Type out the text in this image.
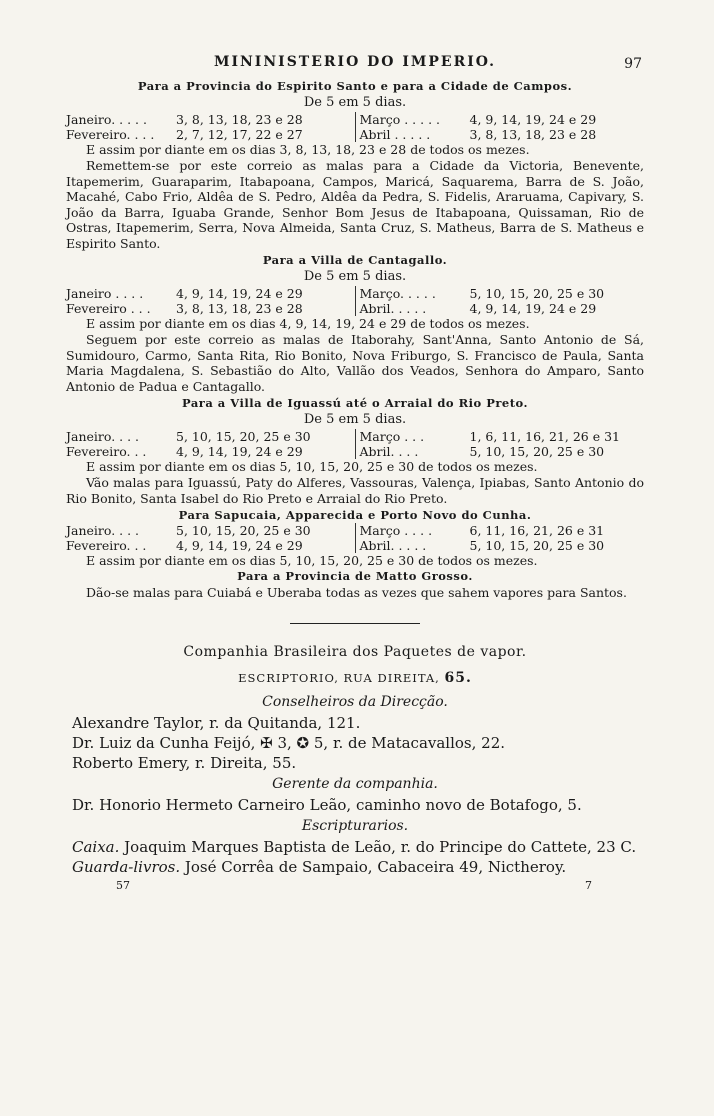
MININISTERIO DO IMPERIO.	97
Para a Provincia do Espirito Santo e para a Cidade de Campos.
De 5 em 5 dias.
Janeiro. . . . . 3, 8, 13, 18, 23 e 28	Março . . . . . 4, 9, 14, 19, 24 e 29
Fevereiro. . . . 2, 7, 12, 17, 22 e 27	Abril . . . . . 3, 8, 13, 18, 23 e 28
E assim por diante em os dias 3, 8, 13, 18, 23 e 28 de todos os mezes.
Remettem-se por este correio as malas para a Cidade da Victoria, Benevente, Itapemerim, Guaraparim, Itabapoana, Campos, Maricá, Saquarema, Barra de S. João, Macahé, Cabo Frio, Aldêa de S. Pedro, Aldêa da Pedra, S. Fidelis, Araruama, Capivary, S. João da Barra, Iguaba Grande, Senhor Bom Jesus de Itabapoana, Quissaman, Rio de Ostras, Itapemerim, Serra, Nova Almeida, Santa Cruz, S. Matheus, Barra de S. Matheus e Espirito Santo.
Para a Villa de Cantagallo.
De 5 em 5 dias.
Janeiro . . . . 4, 9, 14, 19, 24 e 29	Março. . . . . 5, 10, 15, 20, 25 e 30
Fevereiro . . . 3, 8, 13, 18, 23 e 28	Abril. . . . . 4, 9, 14, 19, 24 e 29
E assim por diante em os dias 4, 9, 14, 19, 24 e 29 de todos os mezes.
Seguem por este correio as malas de Itaborahy, Sant'Anna, Santo Antonio de Sá, Sumidouro, Carmo, Santa Rita, Rio Bonito, Nova Friburgo, S. Francisco de Paula, Santa Maria Magdalena, S. Sebastião do Alto, Vallão dos Veados, Senhora do Amparo, Santo Antonio de Padua e Cantagallo.
Para a Villa de Iguassú até o Arraial do Rio Preto.
De 5 em 5 dias.
Janeiro. . . . 5, 10, 15, 20, 25 e 30	Março . . . 1, 6, 11, 16, 21, 26 e 31
Fevereiro. . . 4, 9, 14, 19, 24 e 29	Abril. . . . 5, 10, 15, 20, 25 e 30
E assim por diante em os dias 5, 10, 15, 20, 25 e 30 de todos os mezes.
Vão malas para Iguassú, Paty do Alferes, Vassouras, Valença, Ipiabas, Santo Antonio do Rio Bonito, Santa Isabel do Rio Preto e Arraial do Rio Preto.
Para Sapucaia, Apparecida e Porto Novo do Cunha.
Janeiro. . . . 5, 10, 15, 20, 25 e 30	Março . . . . 6, 11, 16, 21, 26 e 31
Fevereiro. . . 4, 9, 14, 19, 24 e 29	Abril. . . . . 5, 10, 15, 20, 25 e 30
E assim por diante em os dias 5, 10, 15, 20, 25 e 30 de todos os mezes.
Para a Provincia de Matto Grosso.
Dão-se malas para Cuiabá e Uberaba todas as vezes que sahem vapores para Santos.
Companhia Brasileira dos Paquetes de vapor.
ESCRIPTORIO, RUA DIREITA, 65.
Conselheiros da Direcção.
Alexandre Taylor, r. da Quitanda, 121.
Dr. Luiz da Cunha Feijó, ✠ 3, ✪ 5, r. de Matacavallos, 22.
Roberto Emery, r. Direita, 55.
Gerente da companhia.
Dr. Honorio Hermeto Carneiro Leão, caminho novo de Botafogo, 5.
Escripturarios.
Caixa. Joaquim Marques Baptista de Leão, r. do Principe do Cattete, 23 C.
Guarda-livros. José Corrêa de Sampaio, Cabaceira 49, Nictheroy.
57	7
